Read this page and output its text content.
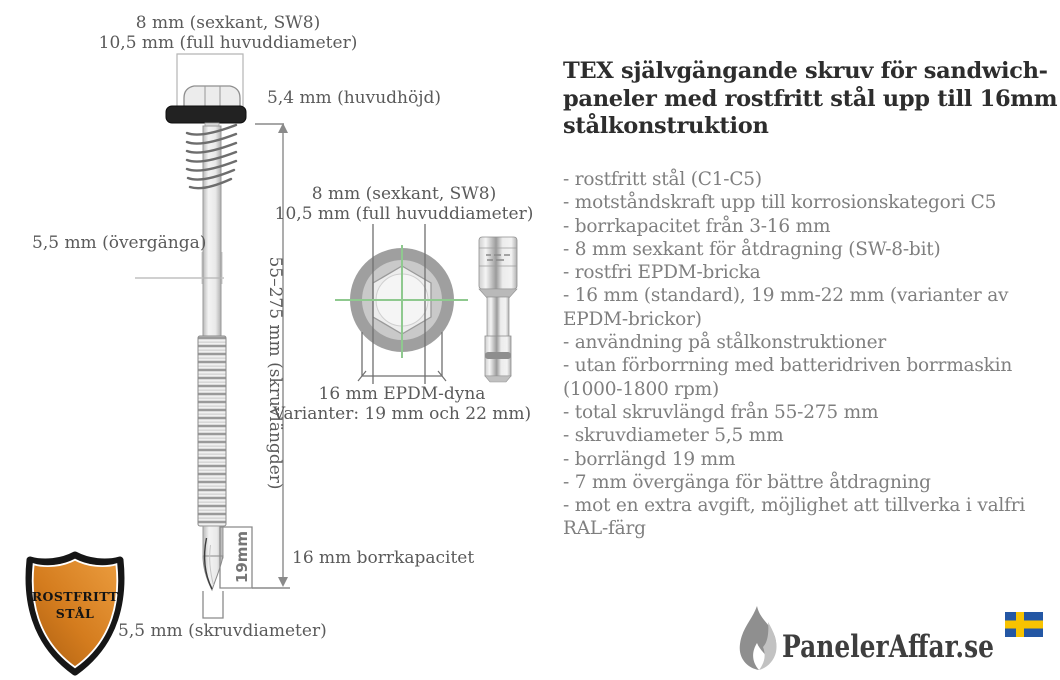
8 mm (sexkant, SW8)
10,5 mm (full huvuddiameter)
5,4 mm (huvudhöjd)
55–275 mm (skruvlängder)
5,5 mm (övergänga)
19mm 16 mm borrkapacitet
5,5 mm (skruvdiameter)
8 mm (sexkant, SW8)
10,5 mm (full huvuddiameter)
16 mm EPDM-dyna
Varianter: 19 mm och 22 mm)
ROSTFRITT
STÅL
TEX självgängande skruv för sandwich-
paneler med rostfritt stål upp till 16mm
stålkonstruktion
- rostfritt stål (C1-C5)
- motståndskraft upp till korrosionskategori C5
- borrkapacitet från 3-16 mm
- 8 mm sexkant för åtdragning (SW-8-bit)
- rostfri EPDM-bricka
- 16 mm (standard), 19 mm-22 mm (varianter av EPDM-brickor)
- användning på stålkonstruktioner
- utan förborrning med batteridriven borrmaskin (1000-1800 rpm)
- total skruvlängd från 55-275 mm
- skruvdiameter 5,5 mm
- borrlängd 19 mm
- 7 mm övergänga för bättre åtdragning
- mot en extra avgift, möjlighet att tillverka i valfri RAL-färg
PanelerAffar.se
